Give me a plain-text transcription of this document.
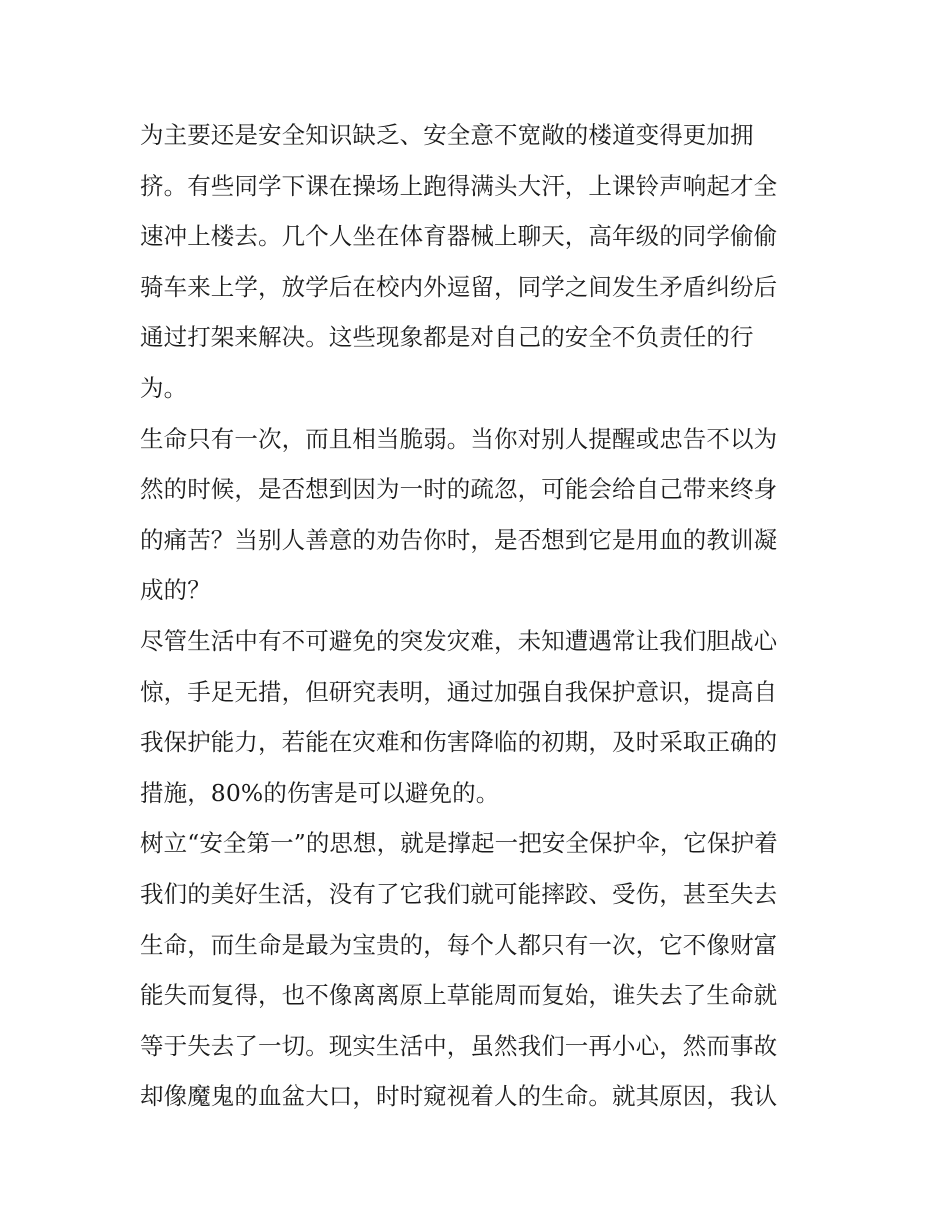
为主要还是安全知识缺乏、安全意不宽敞的楼道变得更加拥
挤。有些同学下课在操场上跑得满头大汗，上课铃声响起才全
速冲上楼去。几个人坐在体育器械上聊天，高年级的同学偷偷
骑车来上学，放学后在校内外逗留，同学之间发生矛盾纠纷后
通过打架来解决。这些现象都是对自己的安全不负责任的行
为。
生命只有一次，而且相当脆弱。当你对别人提醒或忠告不以为
然的时候，是否想到因为一时的疏忽，可能会给自己带来终身
的痛苦？当别人善意的劝告你时，是否想到它是用血的教训凝
成的？
尽管生活中有不可避免的突发灾难，未知遭遇常让我们胆战心
惊，手足无措，但研究表明，通过加强自我保护意识，提高自
我保护能力，若能在灾难和伤害降临的初期，及时采取正确的
措施，80%的伤害是可以避免的。
树立“安全第一”的思想，就是撑起一把安全保护伞，它保护着
我们的美好生活，没有了它我们就可能摔跤、受伤，甚至失去
生命，而生命是最为宝贵的，每个人都只有一次，它不像财富
能失而复得，也不像离离原上草能周而复始，谁失去了生命就
等于失去了一切。现实生活中，虽然我们一再小心，然而事故
却像魔鬼的血盆大口，时时窥视着人的生命。就其原因，我认
